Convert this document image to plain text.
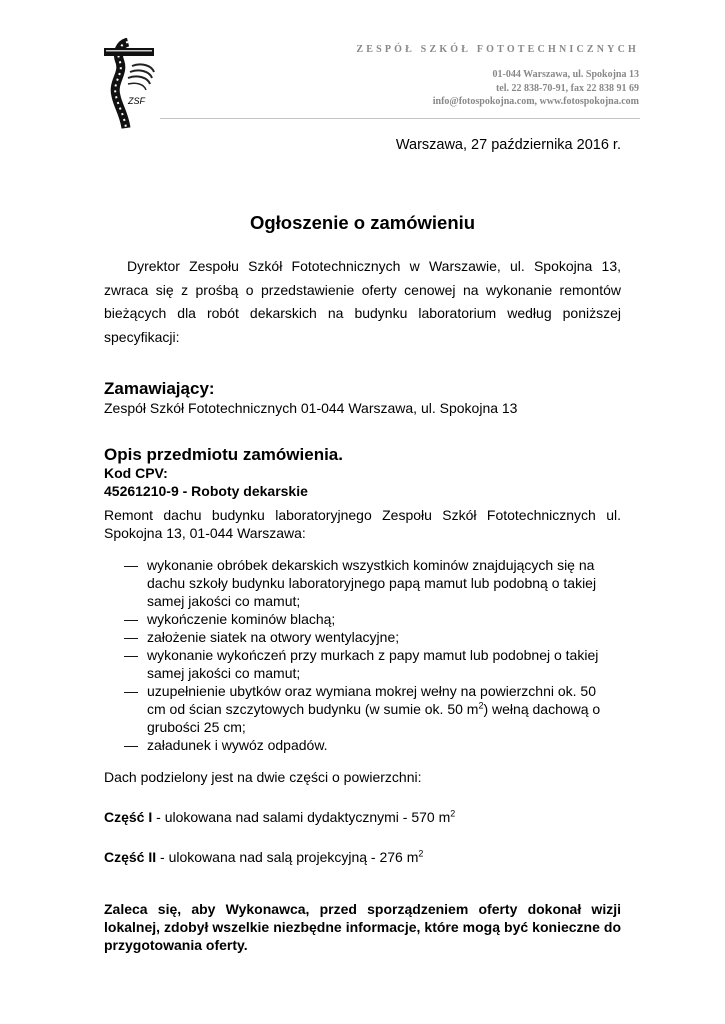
ZSF
ZESPÓŁ SZKÓŁ FOTOTECHNICZNYCH
01-044 Warszawa, ul. Spokojna 13
tel. 22 838-70-91, fax 22 838 91 69
info@fotospokojna.com, www.fotospokojna.com
Warszawa, 27 października 2016 r.
Ogłoszenie o zamówieniu

Dyrektor Zespołu Szkół Fototechnicznych w Warszawie, ul. Spokojna 13, zwraca się z prośbą o przedstawienie oferty cenowej na wykonanie remontów bieżących dla robót dekarskich na budynku laboratorium według poniższej specyfikacji:

Zamawiający:
Zespół Szkół Fototechnicznych 01-044 Warszawa, ul. Spokojna 13
Opis przedmiotu zamówienia.
Kod CPV:
45261210-9 - Roboty dekarskie

Remont dachu budynku laboratoryjnego Zespołu Szkół Fototechnicznych ul. Spokojna 13, 01-044 Warszawa:

— wykonanie obróbek dekarskich wszystkich kominów znajdujących się na dachu szkoły budynku laboratoryjnego papą mamut lub podobną o takiej samej jakości co mamut;
— wykończenie kominów blachą;
— założenie siatek na otwory wentylacyjne;
— wykonanie wykończeń przy murkach z papy mamut lub podobnej o takiej samej jakości co mamut;
— uzupełnienie ubytków oraz wymiana mokrej wełny na powierzchni ok. 50 cm od ścian szczytowych budynku (w sumie ok. 50 $m^2$) wełną dachową o grubości 25 cm;
— załadunek i wywóz odpadów.
Dach podzielony jest na dwie części o powierzchni:
Część I - ulokowana nad salami dydaktycznymi - 570 $m^2$
Część II - ulokowana nad salą projekcyjną - 276 $m^2$

Zaleca się, aby Wykonawca, przed sporządzeniem oferty dokonał wizji lokalnej, zdobył wszelkie niezbędne informacje, które mogą być konieczne do przygotowania oferty.
